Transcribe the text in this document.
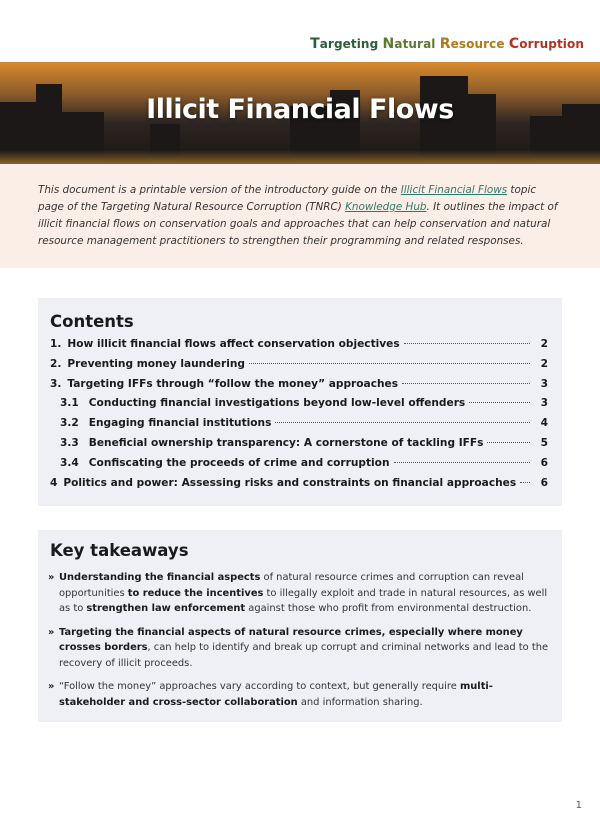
Targeting Natural Resource Corruption
Illicit Financial Flows

This document is a printable version of the introductory guide on the Illicit Financial Flows topic page of the Targeting Natural Resource Corruption (TNRC) Knowledge Hub. It outlines the impact of illicit financial flows on conservation goals and approaches that can help conservation and natural resource management practitioners to strengthen their programming and related responses.

Contents
1. How illicit financial flows affect conservation objectives	2
2. Preventing money laundering	2
3. Targeting IFFs through “follow the money” approaches	3
3.1 Conducting financial investigations beyond low-level offenders	3
3.2 Engaging financial institutions	4
3.3 Beneficial ownership transparency: A cornerstone of tackling IFFs	5
3.4 Confiscating the proceeds of crime and corruption	6
4 Politics and power: Assessing risks and constraints on financial approaches	6
Key takeaways
» Understanding the financial aspects of natural resource crimes and corruption can reveal opportunities to reduce the incentives to illegally exploit and trade in natural resources, as well as to strengthen law enforcement against those who profit from environmental destruction.
» Targeting the financial aspects of natural resource crimes, especially where money crosses borders, can help to identify and break up corrupt and criminal networks and lead to the recovery of illicit proceeds.
» “Follow the money” approaches vary according to context, but generally require multi-stakeholder and cross-sector collaboration and information sharing.
1
